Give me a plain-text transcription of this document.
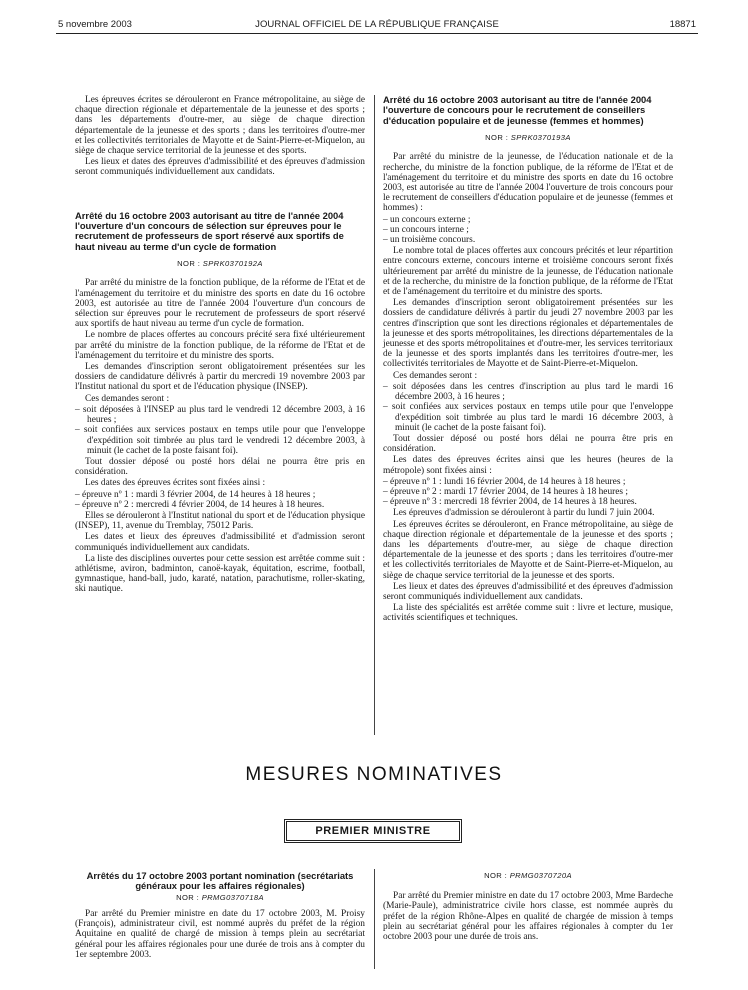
5 novembre 2003	JOURNAL OFFICIEL DE LA RÉPUBLIQUE FRANÇAISE	18871

Les épreuves écrites se dérouleront en France métropolitaine, au siège de chaque direction régionale et départementale de la jeunesse et des sports ; dans les départements d'outre-mer, au siège de chaque direction départementale de la jeunesse et des sports ; dans les territoires d'outre-mer et les collectivités territoriales de Mayotte et de Saint-Pierre-et-Miquelon, au siège de chaque service territorial de la jeunesse et des sports.

Les lieux et dates des épreuves d'admissibilité et des épreuves d'admission seront communiqués individuellement aux candidats.

Arrêté du 16 octobre 2003 autorisant au titre de l'année 2004 l'ouverture d'un concours de sélection sur épreuves pour le recrutement de professeurs de sport réservé aux sportifs de haut niveau au terme d'un cycle de formation

NOR : SPRK0370192A

Par arrêté du ministre de la fonction publique, de la réforme de l'Etat et de l'aménagement du territoire et du ministre des sports en date du 16 octobre 2003, est autorisée au titre de l'année 2004 l'ouverture d'un concours de sélection sur épreuves pour le recrutement de professeurs de sport réservé aux sportifs de haut niveau au terme d'un cycle de formation.

Le nombre de places offertes au concours précité sera fixé ultérieurement par arrêté du ministre de la fonction publique, de la réforme de l'Etat et de l'aménagement du territoire et du ministre des sports.

Les demandes d'inscription seront obligatoirement présentées sur les dossiers de candidature délivrés à partir du mercredi 19 novembre 2003 par l'Institut national du sport et de l'éducation physique (INSEP).

Ces demandes seront :

– soit déposées à l'INSEP au plus tard le vendredi 12 décembre 2003, à 16 heures ;
– soit confiées aux services postaux en temps utile pour que l'enveloppe d'expédition soit timbrée au plus tard le vendredi 12 décembre 2003, à minuit (le cachet de la poste faisant foi).

Tout dossier déposé ou posté hors délai ne pourra être pris en considération.

Les dates des épreuves écrites sont fixées ainsi :

– épreuve nº 1 : mardi 3 février 2004, de 14 heures à 18 heures ;
– épreuve nº 2 : mercredi 4 février 2004, de 14 heures à 18 heures.

Elles se dérouleront à l'Institut national du sport et de l'éducation physique (INSEP), 11, avenue du Tremblay, 75012 Paris.

Les dates et lieux des épreuves d'admissibilité et d'admission seront communiqués individuellement aux candidats.

La liste des disciplines ouvertes pour cette session est arrêtée comme suit : athlétisme, aviron, badminton, canoë-kayak, équitation, escrime, football, gymnastique, hand-ball, judo, karaté, natation, parachutisme, roller-skating, ski nautique.

Arrêté du 16 octobre 2003 autorisant au titre de l'année 2004 l'ouverture de concours pour le recrutement de conseillers d'éducation populaire et de jeunesse (femmes et hommes)

NOR : SPRK0370193A

Par arrêté du ministre de la jeunesse, de l'éducation nationale et de la recherche, du ministre de la fonction publique, de la réforme de l'Etat et de l'aménagement du territoire et du ministre des sports en date du 16 octobre 2003, est autorisée au titre de l'année 2004 l'ouverture de trois concours pour le recrutement de conseillers d'éducation populaire et de jeunesse (femmes et hommes) :

– un concours externe ;
– un concours interne ;
– un troisième concours.

Le nombre total de places offertes aux concours précités et leur répartition entre concours externe, concours interne et troisième concours seront fixés ultérieurement par arrêté du ministre de la jeunesse, de l'éducation nationale et de la recherche, du ministre de la fonction publique, de la réforme de l'Etat et de l'aménagement du territoire et du ministre des sports.

Les demandes d'inscription seront obligatoirement présentées sur les dossiers de candidature délivrés à partir du jeudi 27 novembre 2003 par les centres d'inscription que sont les directions régionales et départementales de la jeunesse et des sports métropolitaines, les directions départementales de la jeunesse et des sports métropolitaines et d'outre-mer, les services territoriaux de la jeunesse et des sports implantés dans les territoires d'outre-mer, les collectivités territoriales de Mayotte et de Saint-Pierre-et-Miquelon.

Ces demandes seront :

– soit déposées dans les centres d'inscription au plus tard le mardi 16 décembre 2003, à 16 heures ;
– soit confiées aux services postaux en temps utile pour que l'enveloppe d'expédition soit timbrée au plus tard le mardi 16 décembre 2003, à minuit (le cachet de la poste faisant foi).

Tout dossier déposé ou posté hors délai ne pourra être pris en considération.

Les dates des épreuves écrites ainsi que les heures (heures de la métropole) sont fixées ainsi :

– épreuve nº 1 : lundi 16 février 2004, de 14 heures à 18 heures ;
– épreuve nº 2 : mardi 17 février 2004, de 14 heures à 18 heures ;
– épreuve nº 3 : mercredi 18 février 2004, de 14 heures à 18 heures.

Les épreuves d'admission se dérouleront à partir du lundi 7 juin 2004.

Les épreuves écrites se dérouleront, en France métropolitaine, au siège de chaque direction régionale et départementale de la jeunesse et des sports ; dans les départements d'outre-mer, au siège de chaque direction départementale de la jeunesse et des sports ; dans les territoires d'outre-mer et les collectivités territoriales de Mayotte et de Saint-Pierre-et-Miquelon, au siège de chaque service territorial de la jeunesse et des sports.

Les lieux et dates des épreuves d'admissibilité et des épreuves d'admission seront communiqués individuellement aux candidats.

La liste des spécialités est arrêtée comme suit : livre et lecture, musique, activités scientifiques et techniques.

MESURES NOMINATIVES
PREMIER MINISTRE

Arrêtés du 17 octobre 2003 portant nomination (secrétariats généraux pour les affaires régionales)

NOR : PRMG0370718A

Par arrêté du Premier ministre en date du 17 octobre 2003, M. Proisy (François), administrateur civil, est nommé auprès du préfet de la région Aquitaine en qualité de chargé de mission à temps plein au secrétariat général pour les affaires régionales pour une durée de trois ans à compter du 1er septembre 2003.

NOR : PRMG0370720A

Par arrêté du Premier ministre en date du 17 octobre 2003, Mme Bardeche (Marie-Paule), administratrice civile hors classe, est nommée auprès du préfet de la région Rhône-Alpes en qualité de chargée de mission à temps plein au secrétariat général pour les affaires régionales à compter du 1er octobre 2003 pour une durée de trois ans.
